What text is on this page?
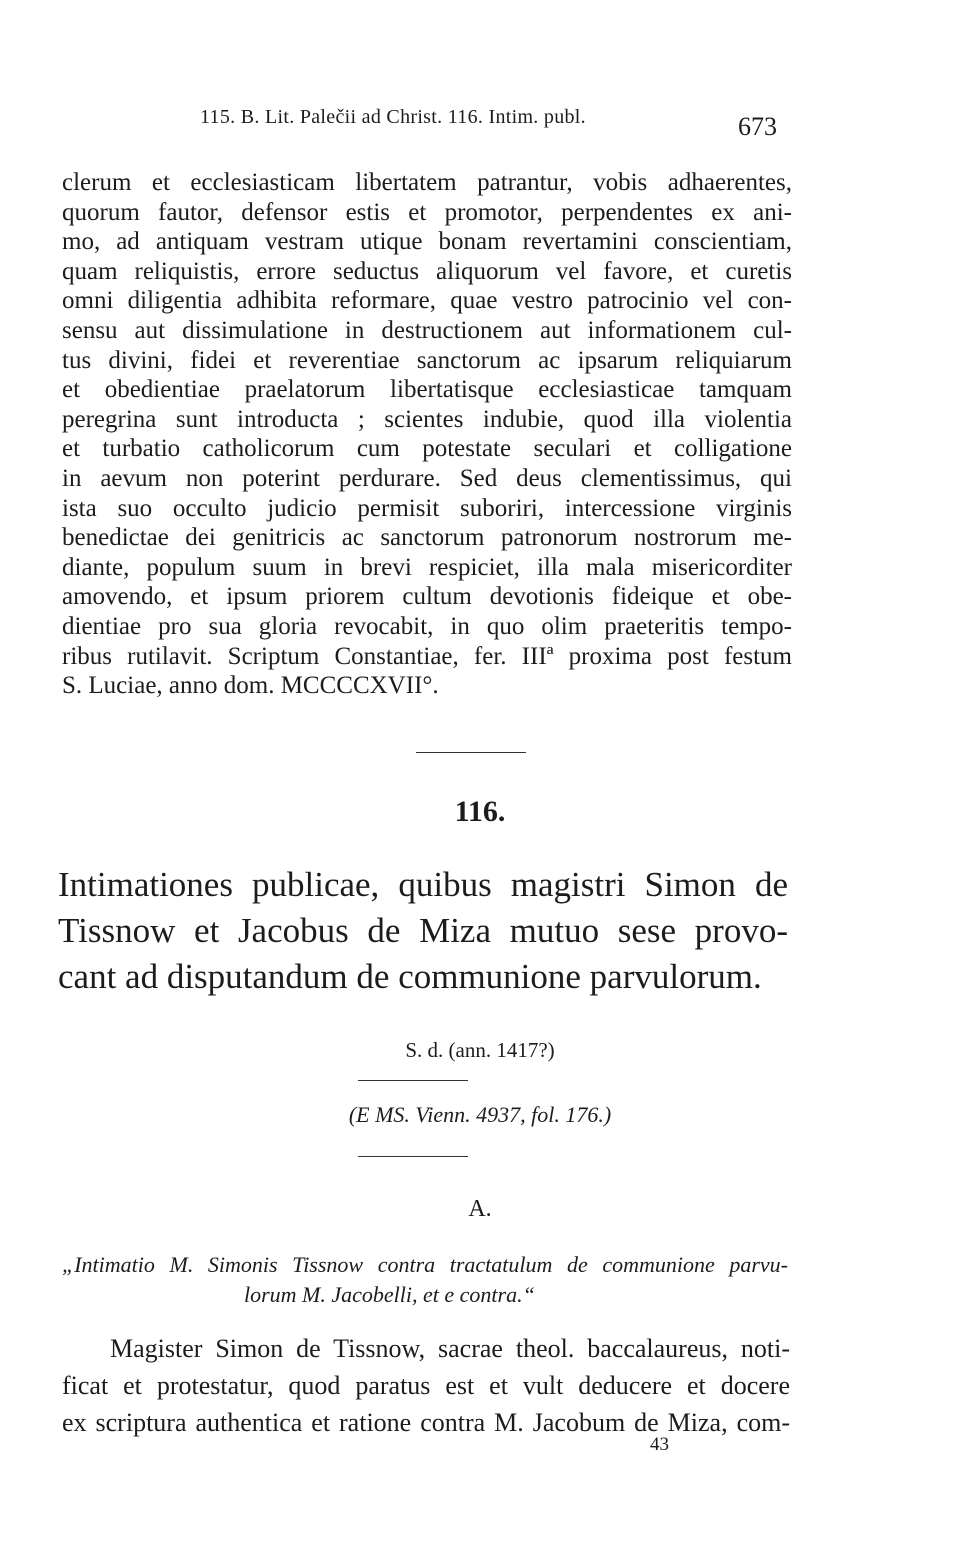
115. B. Lit. Palečii ad Christ. 116. Intim. publ.	673
clerum et ecclesiasticam libertatem patrantur, vobis adhaerentes,
quorum fautor, defensor estis et promotor, perpendentes ex ani-
mo, ad antiquam vestram utique bonam revertamini conscientiam,
quam reliquistis, errore seductus aliquorum vel favore, et curetis
omni diligentia adhibita reformare, quae vestro patrocinio vel con-
sensu aut dissimulatione in destructionem aut informationem cul-
tus divini, fidei et reverentiae sanctorum ac ipsarum reliquiarum
et obedientiae praelatorum libertatisque ecclesiasticae tamquam
peregrina sunt introducta ; scientes indubie, quod illa violentia
et turbatio catholicorum cum potestate seculari et colligatione
in aevum non poterint perdurare. Sed deus clementissimus, qui
ista suo occulto judicio permisit suboriri, intercessione virginis
benedictae dei genitricis ac sanctorum patronorum nostrorum me-
diante, populum suum in brevi respiciet, illa mala misericorditer
amovendo, et ipsum priorem cultum devotionis fideique et obe-
dientiae pro sua gloria revocabit, in quo olim praeteritis tempo-
ribus rutilavit. Scriptum Constantiae, fer. IIIª proxima post festum
S. Luciae, anno dom. MCCCCXVII°.
116.
Intimationes publicae, quibus magistri Simon de
Tissnow et Jacobus de Miza mutuo sese provo-
cant ad disputandum de communione parvulorum.
S. d. (ann. 1417?)
(E MS. Vienn. 4937, fol. 176.)
A.
„Intimatio M. Simonis Tissnow contra tractatulum de communione parvu-
lorum M. Jacobelli, et e contra.“
Magister Simon de Tissnow, sacrae theol. baccalaureus, noti-
ficat et protestatur, quod paratus est et vult deducere et docere
ex scriptura authentica et ratione contra M. Jacobum de Miza, com-
43
